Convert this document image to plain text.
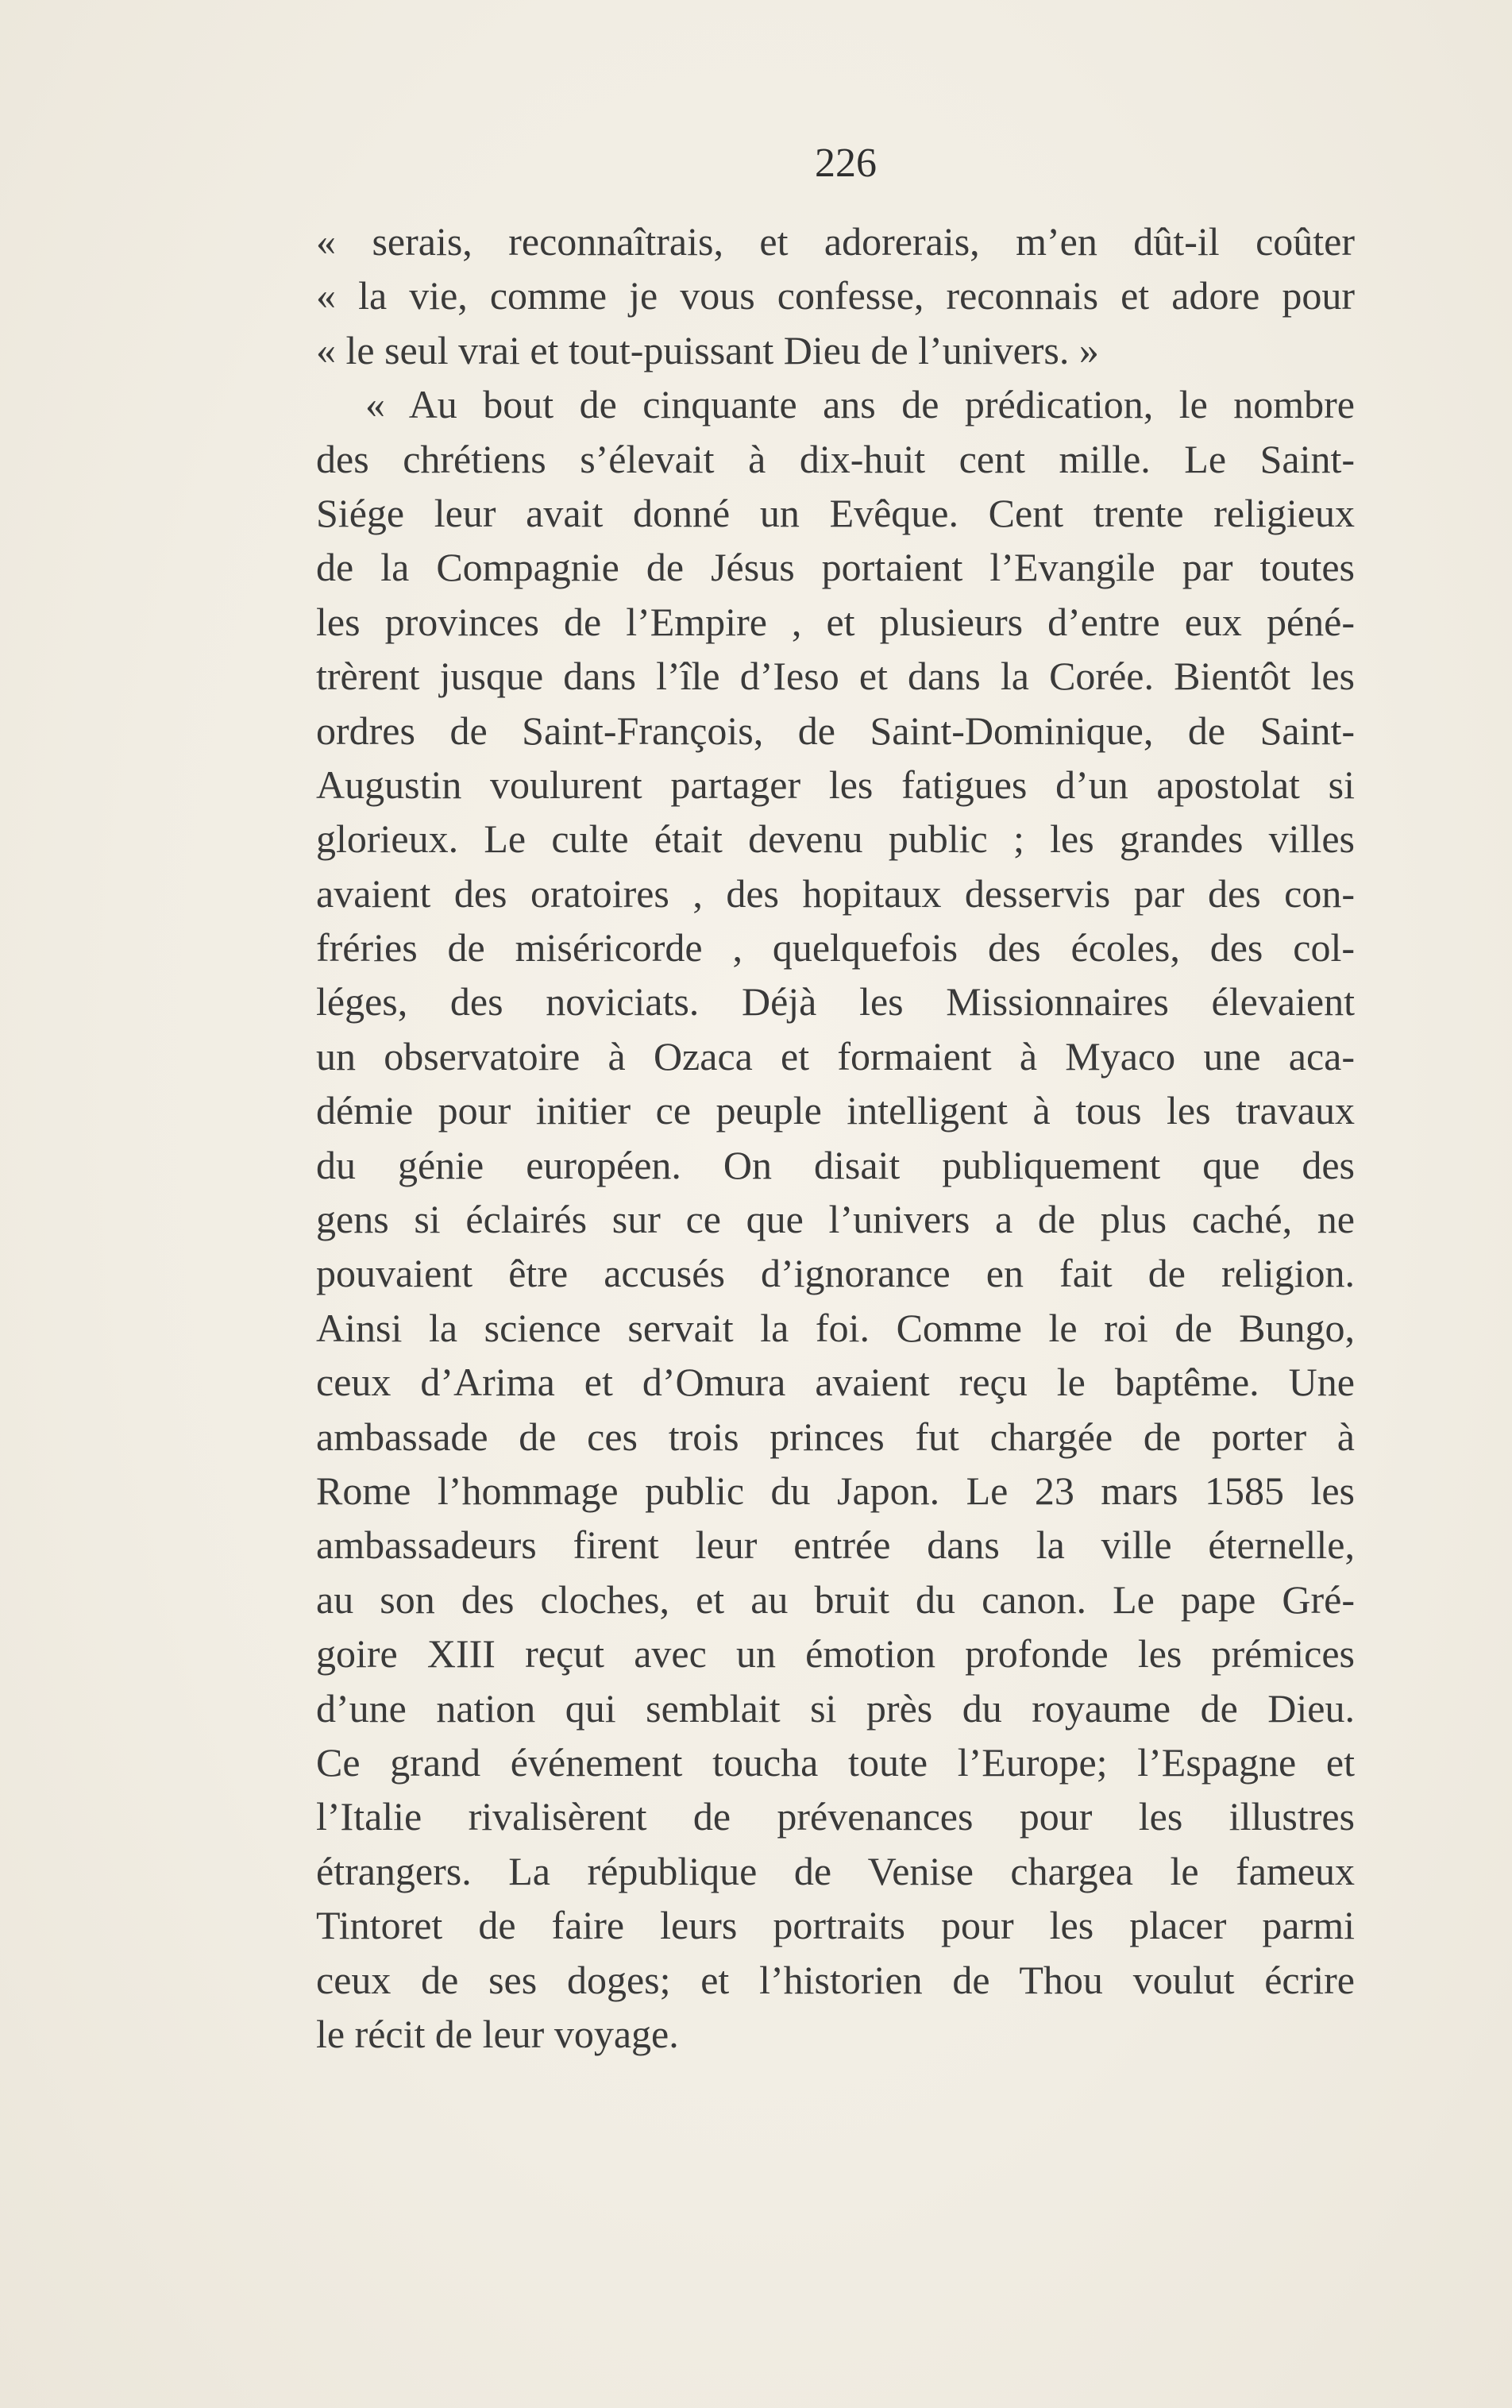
226
« serais, reconnaîtrais, et adorerais, m’en dût-il coûter
« la vie, comme je vous confesse, reconnais et adore pour
« le seul vrai et tout-puissant Dieu de l’univers. »
« Au bout de cinquante ans de prédication, le nombre
des chrétiens s’élevait à dix-huit cent mille. Le Saint-
Siége leur avait donné un Evêque. Cent trente religieux
de la Compagnie de Jésus portaient l’Evangile par toutes
les provinces de l’Empire , et plusieurs d’entre eux péné-
trèrent jusque dans l’île d’Ieso et dans la Corée. Bientôt les
ordres de Saint-François, de Saint-Dominique, de Saint-
Augustin voulurent partager les fatigues d’un apostolat si
glorieux. Le culte était devenu public ; les grandes villes
avaient des oratoires , des hopitaux desservis par des con-
fréries de miséricorde , quelquefois des écoles, des col-
léges, des noviciats. Déjà les Missionnaires élevaient
un observatoire à Ozaca et formaient à Myaco une aca-
démie pour initier ce peuple intelligent à tous les travaux
du génie européen. On disait publiquement que des
gens si éclairés sur ce que l’univers a de plus caché, ne
pouvaient être accusés d’ignorance en fait de religion.
Ainsi la science servait la foi. Comme le roi de Bungo,
ceux d’Arima et d’Omura avaient reçu le baptême. Une
ambassade de ces trois princes fut chargée de porter à
Rome l’hommage public du Japon. Le 23 mars 1585 les
ambassadeurs firent leur entrée dans la ville éternelle,
au son des cloches, et au bruit du canon. Le pape Gré-
goire XIII reçut avec un émotion profonde les prémices
d’une nation qui semblait si près du royaume de Dieu.
Ce grand événement toucha toute l’Europe; l’Espagne et
l’Italie rivalisèrent de prévenances pour les illustres
étrangers. La république de Venise chargea le fameux
Tintoret de faire leurs portraits pour les placer parmi
ceux de ses doges; et l’historien de Thou voulut écrire
le récit de leur voyage.
